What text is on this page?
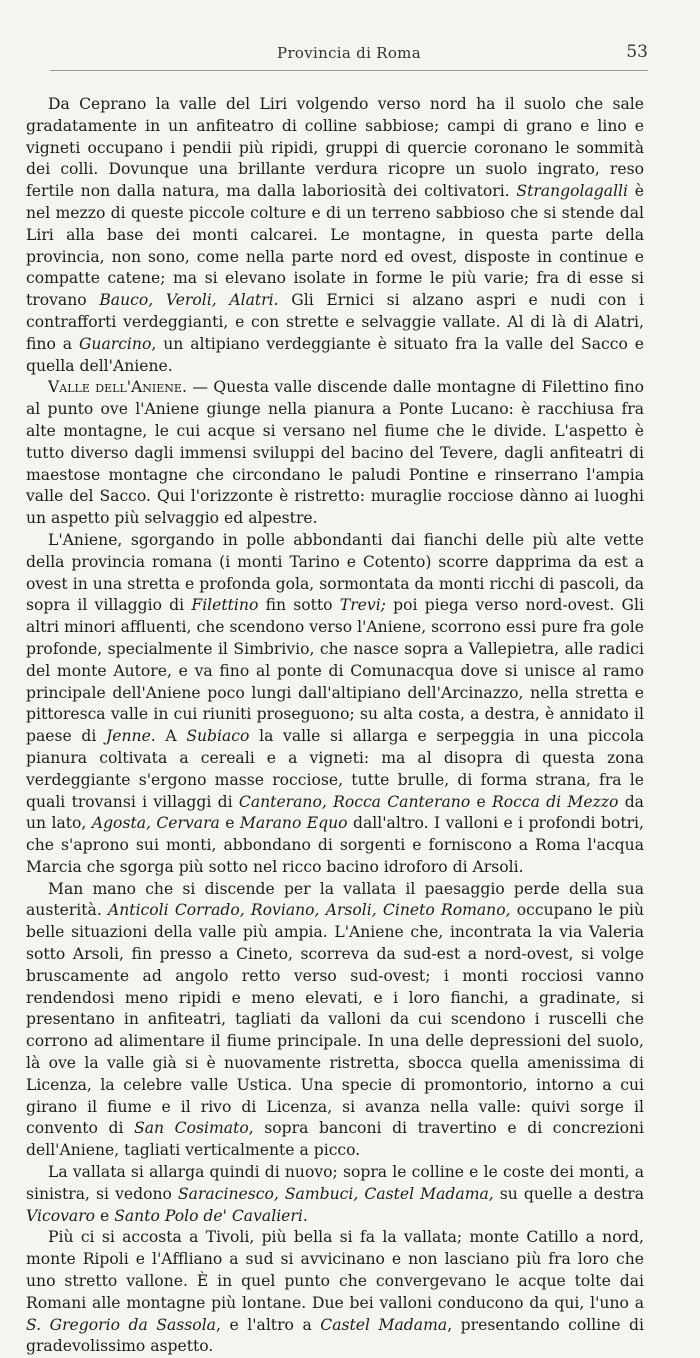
Provincia di Roma	53

Da Ceprano la valle del Liri volgendo verso nord ha il suolo che sale gradatamente in un anfiteatro di colline sabbiose; campi di grano e lino e vigneti occupano i pendii più ripidi, gruppi di quercie coronano le sommità dei colli. Dovunque una brillante verdura ricopre un suolo ingrato, reso fertile non dalla natura, ma dalla laboriosità dei coltivatori. Strangolagalli è nel mezzo di queste piccole colture e di un terreno sabbioso che si stende dal Liri alla base dei monti calcarei. Le montagne, in questa parte della provincia, non sono, come nella parte nord ed ovest, disposte in continue e compatte catene; ma si elevano isolate in forme le più varie; fra di esse si trovano Bauco, Veroli, Alatri. Gli Ernici si alzano aspri e nudi con i contrafforti verdeggianti, e con strette e selvaggie vallate. Al di là di Alatri, fino a Guarcino, un altipiano verdeggiante è situato fra la valle del Sacco e quella dell'Aniene.

Valle dell'Aniene. — Questa valle discende dalle montagne di Filettino fino al punto ove l'Aniene giunge nella pianura a Ponte Lucano: è racchiusa fra alte montagne, le cui acque si versano nel fiume che le divide. L'aspetto è tutto diverso dagli immensi sviluppi del bacino del Tevere, dagli anfiteatri di maestose montagne che circondano le paludi Pontine e rinserrano l'ampia valle del Sacco. Qui l'orizzonte è ristretto: muraglie rocciose dànno ai luoghi un aspetto più selvaggio ed alpestre.

L'Aniene, sgorgando in polle abbondanti dai fianchi delle più alte vette della provincia romana (i monti Tarino e Cotento) scorre dapprima da est a ovest in una stretta e profonda gola, sormontata da monti ricchi di pascoli, da sopra il villaggio di Filettino fin sotto Trevi; poi piega verso nord-ovest. Gli altri minori affluenti, che scendono verso l'Aniene, scorrono essi pure fra gole profonde, specialmente il Simbrivio, che nasce sopra a Vallepietra, alle radici del monte Autore, e va fino al ponte di Comunacqua dove si unisce al ramo principale dell'Aniene poco lungi dall'altipiano dell'Arcinazzo, nella stretta e pittoresca valle in cui riuniti proseguono; su alta costa, a destra, è annidato il paese di Jenne. A Subiaco la valle si allarga e serpeggia in una piccola pianura coltivata a cereali e a vigneti: ma al disopra di questa zona verdeggiante s'ergono masse rocciose, tutte brulle, di forma strana, fra le quali trovansi i villaggi di Canterano, Rocca Canterano e Rocca di Mezzo da un lato, Agosta, Cervara e Marano Equo dall'altro. I valloni e i profondi botri, che s'aprono sui monti, abbondano di sorgenti e forniscono a Roma l'acqua Marcia che sgorga più sotto nel ricco bacino idroforo di Arsoli.

Man mano che si discende per la vallata il paesaggio perde della sua austerità. Anticoli Corrado, Roviano, Arsoli, Cineto Romano, occupano le più belle situazioni della valle più ampia. L'Aniene che, incontrata la via Valeria sotto Arsoli, fin presso a Cineto, scorreva da sud-est a nord-ovest, si volge bruscamente ad angolo retto verso sud-ovest; i monti rocciosi vanno rendendosi meno ripidi e meno elevati, e i loro fianchi, a gradinate, si presentano in anfiteatri, tagliati da valloni da cui scendono i ruscelli che corrono ad alimentare il fiume principale. In una delle depressioni del suolo, là ove la valle già si è nuovamente ristretta, sbocca quella amenissima di Licenza, la celebre valle Ustica. Una specie di promontorio, intorno a cui girano il fiume e il rivo di Licenza, si avanza nella valle: quivi sorge il convento di San Cosimato, sopra banconi di travertino e di concrezioni dell'Aniene, tagliati verticalmente a picco.

La vallata si allarga quindi di nuovo; sopra le colline e le coste dei monti, a sinistra, si vedono Saracinesco, Sambuci, Castel Madama, su quelle a destra Vicovaro e Santo Polo de' Cavalieri.

Più ci si accosta a Tivoli, più bella si fa la vallata; monte Catillo a nord, monte Ripoli e l'Affliano a sud si avvicinano e non lasciano più fra loro che uno stretto vallone. È in quel punto che convergevano le acque tolte dai Romani alle montagne più lontane. Due bei valloni conducono da qui, l'uno a S. Gregorio da Sassola, e l'altro a Castel Madama, presentando colline di gradevolissimo aspetto.
